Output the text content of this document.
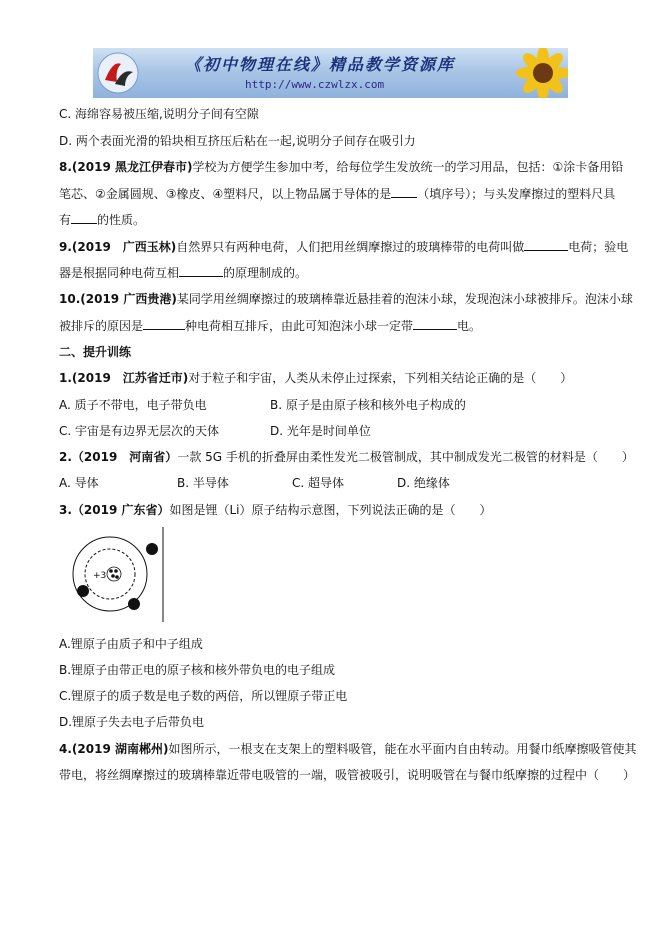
《初中物理在线》精品教学资源库
http://www.czwlzx.com
C. 海绵容易被压缩,说明分子间有空隙
D. 两个表面光滑的铅块相互挤压后粘在一起,说明分子间存在吸引力
8.(2019 黑龙江伊春市)学校为方便学生参加中考，给每位学生发放统一的学习用品，包括：①涂卡备用铅
笔芯、②金属圆规、③橡皮、④塑料尺，以上物品属于导体的是 （填序号）；与头发摩擦过的塑料尺具
有 的性质。
9.(2019　广西玉林)自然界只有两种电荷，人们把用丝绸摩擦过的玻璃棒带的电荷叫做	电荷；验电
器是根据同种电荷互相	的原理制成的。
10.(2019 广西贵港)某同学用丝绸摩擦过的玻璃棒靠近悬挂着的泡沫小球，发现泡沫小球被排斥。泡沫小球
被排斥的原因是	种电荷相互排斥，由此可知泡沫小球一定带	电。
二、提升训练
1.(2019　江苏省迁市)对于粒子和宇宙，人类从未停止过探索，下列相关结论正确的是（　　）
A. 质子不带电，电子带负电	B. 原子是由原子核和核外电子构成的
C. 宇宙是有边界无层次的天体	D. 光年是时间单位
2.（2019　河南省）一款 5G 手机的折叠屏由柔性发光二极管制成，其中制成发光二极管的材料是（　　）
A. 导体	B. 半导体	C. 超导体	D. 绝缘体
3.（2019 广东省）如图是锂（Li）原子结构示意图，下列说法正确的是（　　）
+3
A.锂原子由质子和中子组成
B.锂原子由带正电的原子核和核外带负电的电子组成
C.锂原子的质子数是电子数的两倍，所以锂原子带正电
D.锂原子失去电子后带负电
4.(2019 湖南郴州)如图所示，一根支在支架上的塑料吸管，能在水平面内自由转动。用餐巾纸摩擦吸管使其
带电，将丝绸摩擦过的玻璃棒靠近带电吸管的一端，吸管被吸引，说明吸管在与餐巾纸摩擦的过程中（　　）
